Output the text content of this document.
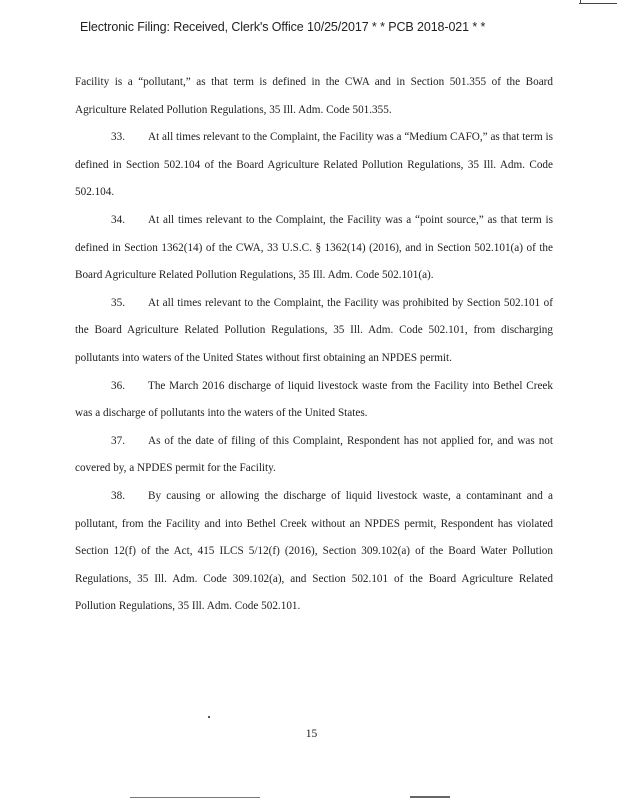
Electronic Filing: Received, Clerk's Office 10/25/2017 * * PCB 2018-021 * *

Facility is a “pollutant,” as that term is defined in the CWA and in Section 501.355 of the Board Agriculture Related Pollution Regulations, 35 Ill. Adm. Code 501.355.

33. At all times relevant to the Complaint, the Facility was a “Medium CAFO,” as that term is defined in Section 502.104 of the Board Agriculture Related Pollution Regulations, 35 Ill. Adm. Code 502.104.

34. At all times relevant to the Complaint, the Facility was a “point source,” as that term is defined in Section 1362(14) of the CWA, 33 U.S.C. § 1362(14) (2016), and in Section 502.101(a) of the Board Agriculture Related Pollution Regulations, 35 Ill. Adm. Code 502.101(a).

35. At all times relevant to the Complaint, the Facility was prohibited by Section 502.101 of the Board Agriculture Related Pollution Regulations, 35 Ill. Adm. Code 502.101, from discharging pollutants into waters of the United States without first obtaining an NPDES permit.

36. The March 2016 discharge of liquid livestock waste from the Facility into Bethel Creek was a discharge of pollutants into the waters of the United States.

37. As of the date of filing of this Complaint, Respondent has not applied for, and was not covered by, a NPDES permit for the Facility.

38. By causing or allowing the discharge of liquid livestock waste, a contaminant and a pollutant, from the Facility and into Bethel Creek without an NPDES permit, Respondent has violated Section 12(f) of the Act, 415 ILCS 5/12(f) (2016), Section 309.102(a) of the Board Water Pollution Regulations, 35 Ill. Adm. Code 309.102(a), and Section 502.101 of the Board Agriculture Related Pollution Regulations, 35 Ill. Adm. Code 502.101.

15
